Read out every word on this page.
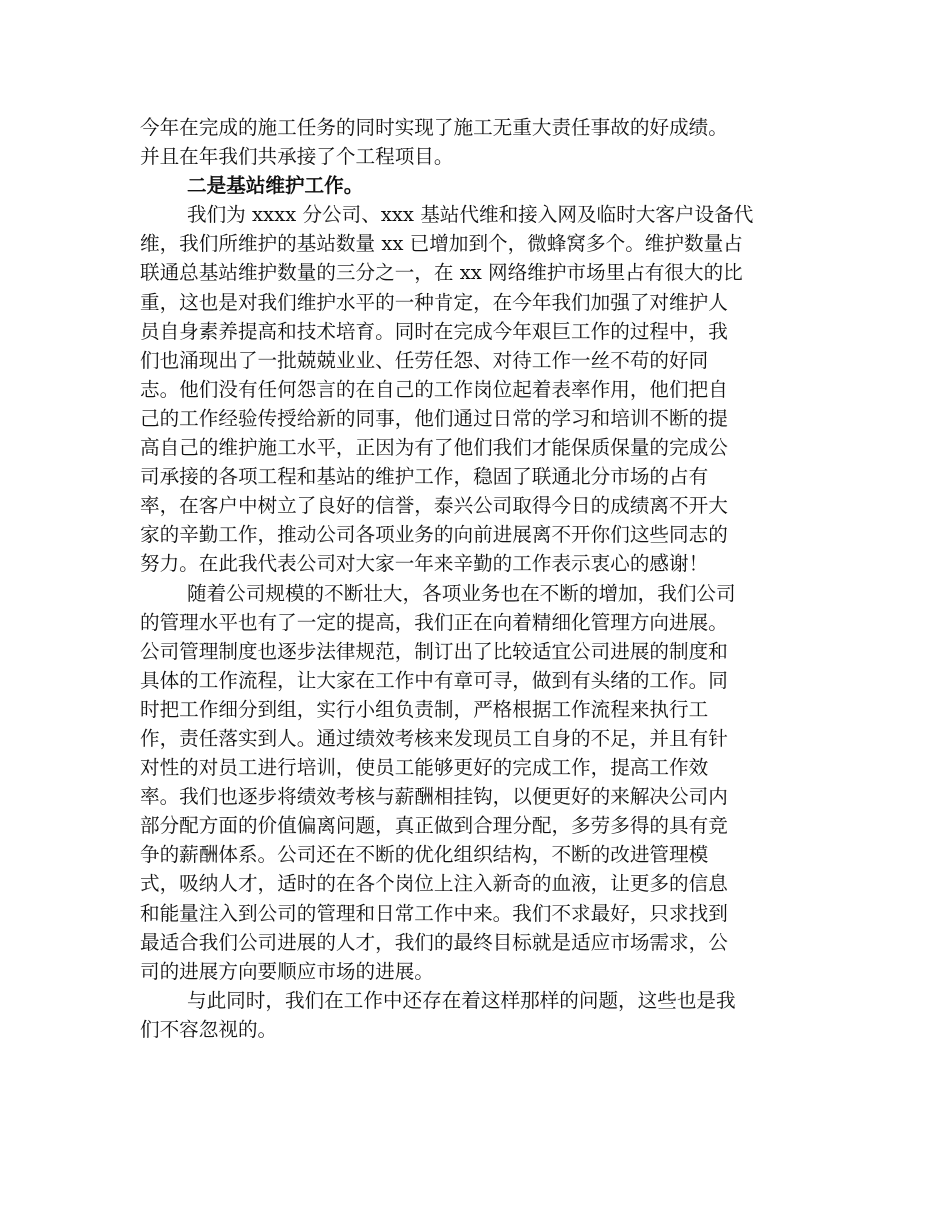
今年在完成的施工任务的同时实现了施工无重大责任事故的好成绩。
并且在年我们共承接了个工程项目。
二是基站维护工作。
我们为 xxxx 分公司、xxx 基站代维和接入网及临时大客户设备代
维，我们所维护的基站数量 xx 已增加到个，微蜂窝多个。维护数量占
联通总基站维护数量的三分之一，在 xx 网络维护市场里占有很大的比
重，这也是对我们维护水平的一种肯定，在今年我们加强了对维护人
员自身素养提高和技术培育。同时在完成今年艰巨工作的过程中，我
们也涌现出了一批兢兢业业、任劳任怨、对待工作一丝不苟的好同
志。他们没有任何怨言的在自己的工作岗位起着表率作用，他们把自
己的工作经验传授给新的同事，他们通过日常的学习和培训不断的提
高自己的维护施工水平，正因为有了他们我们才能保质保量的完成公
司承接的各项工程和基站的维护工作，稳固了联通北分市场的占有
率，在客户中树立了良好的信誉，泰兴公司取得今日的成绩离不开大
家的辛勤工作，推动公司各项业务的向前进展离不开你们这些同志的
努力。在此我代表公司对大家一年来辛勤的工作表示衷心的感谢！
随着公司规模的不断壮大，各项业务也在不断的增加，我们公司
的管理水平也有了一定的提高，我们正在向着精细化管理方向进展。
公司管理制度也逐步法律规范，制订出了比较适宜公司进展的制度和
具体的工作流程，让大家在工作中有章可寻，做到有头绪的工作。同
时把工作细分到组，实行小组负责制，严格根据工作流程来执行工
作，责任落实到人。通过绩效考核来发现员工自身的不足，并且有针
对性的对员工进行培训，使员工能够更好的完成工作，提高工作效
率。我们也逐步将绩效考核与薪酬相挂钩，以便更好的来解决公司内
部分配方面的价值偏离问题，真正做到合理分配，多劳多得的具有竞
争的薪酬体系。公司还在不断的优化组织结构，不断的改进管理模
式，吸纳人才，适时的在各个岗位上注入新奇的血液，让更多的信息
和能量注入到公司的管理和日常工作中来。我们不求最好，只求找到
最适合我们公司进展的人才，我们的最终目标就是适应市场需求，公
司的进展方向要顺应市场的进展。
与此同时，我们在工作中还存在着这样那样的问题，这些也是我
们不容忽视的。
